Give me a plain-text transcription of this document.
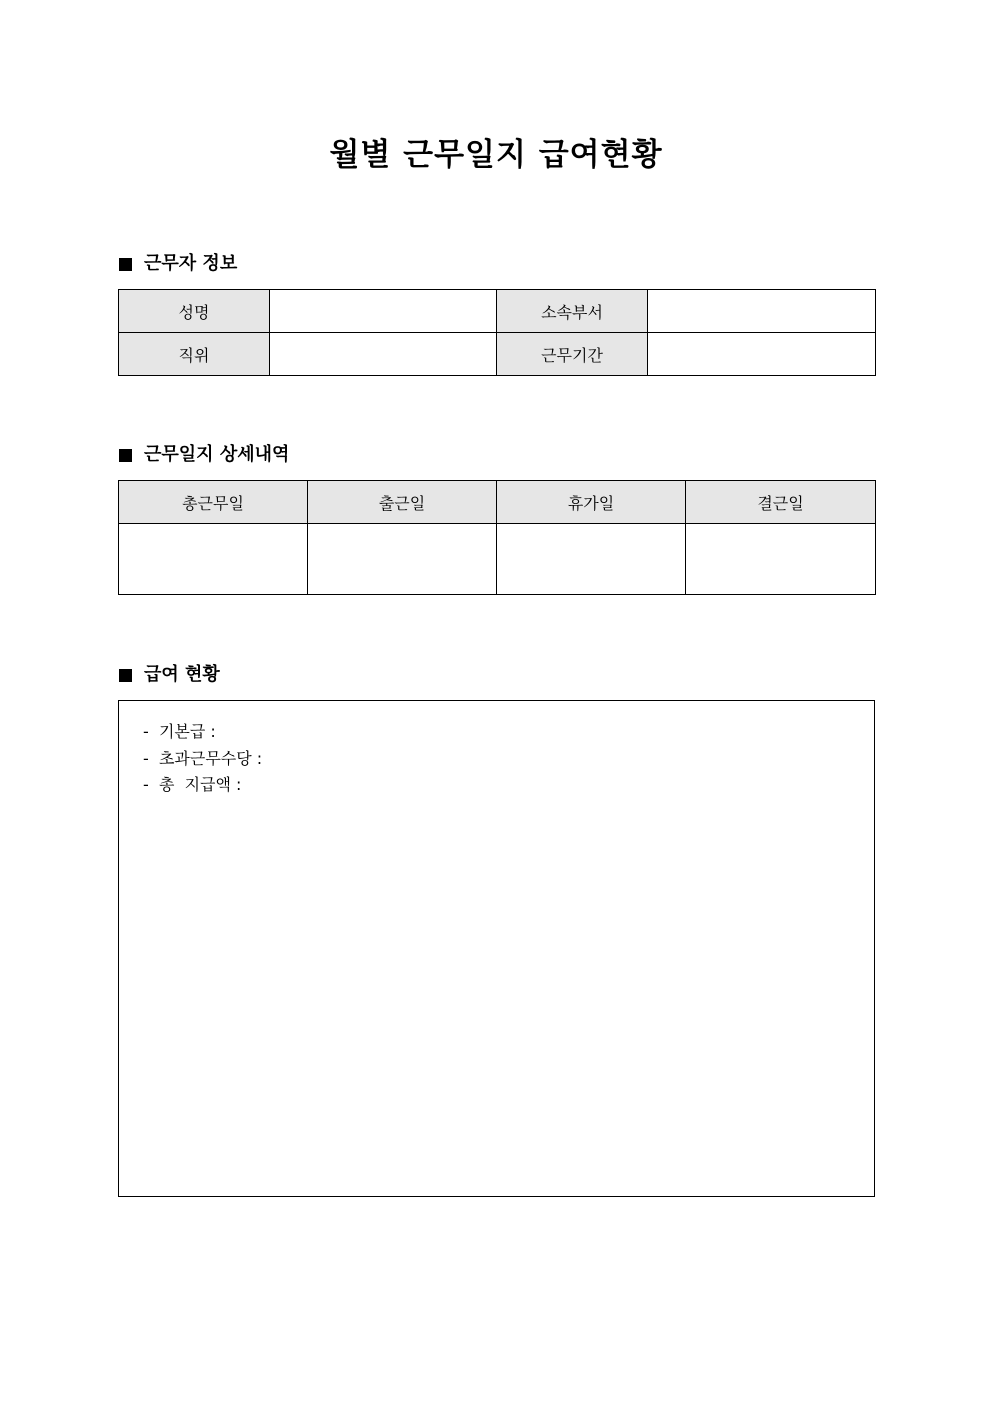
월별 근무일지 급여현황
근무자 정보
성명		소속부서	
직위		근무기간	
근무일지 상세내역
총근무일	출근일	휴가일	결근일

급여 현황
-  기본급 :
-  초과근무수당 :
-  총  지급액 :
